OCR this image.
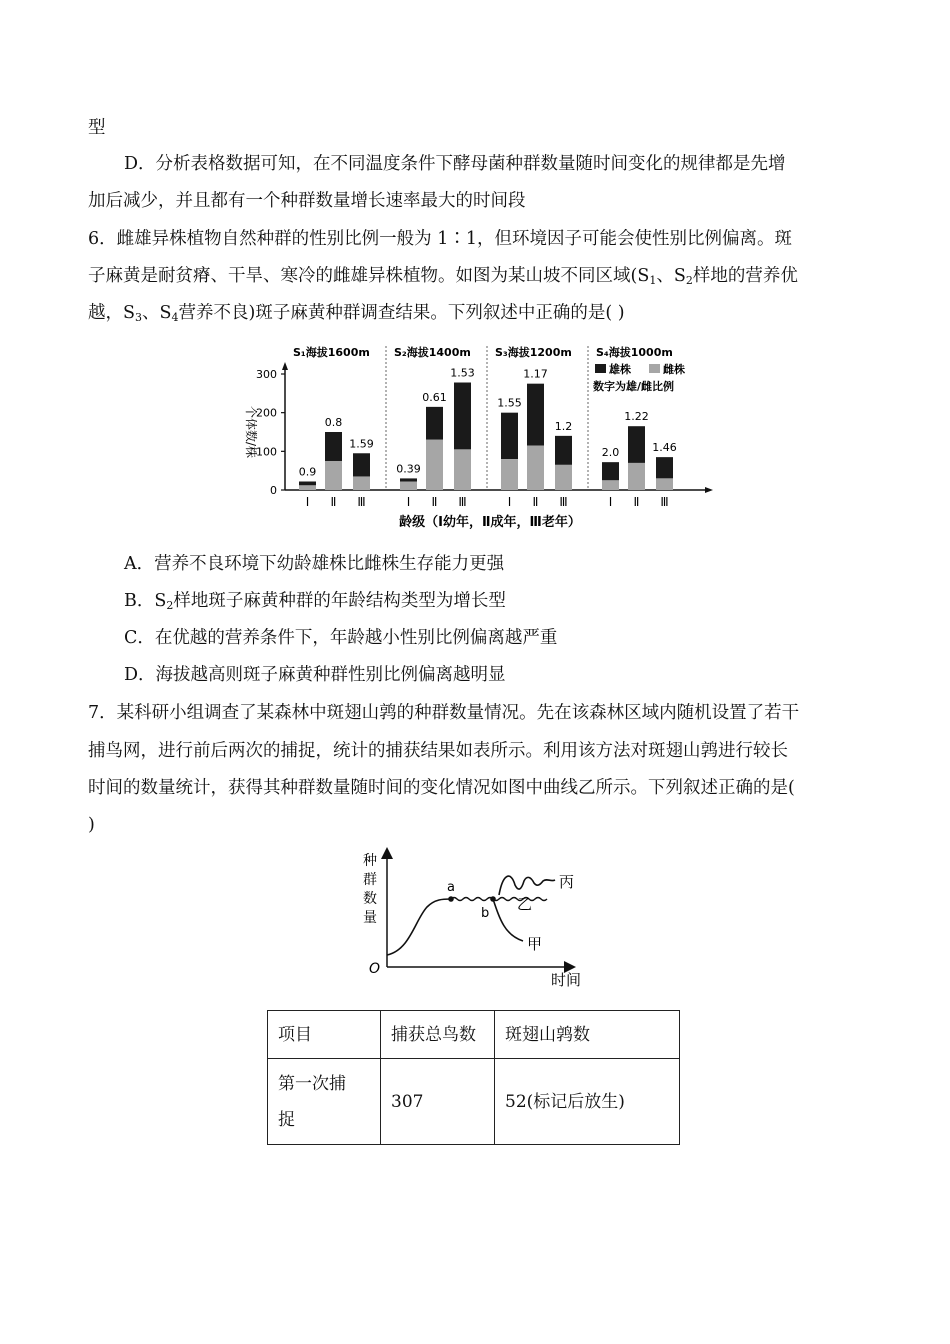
型
D．分析表格数据可知，在不同温度条件下酵母菌种群数量随时间变化的规律都是先增
加后减少，并且都有一个种群数量增长速率最大的时间段
6．雌雄异株植物自然种群的性别比例一般为 1∶1，但环境因子可能会使性别比例偏离。斑
子麻黄是耐贫瘠、干旱、寒冷的雌雄异株植物。如图为某山坡不同区域($S_1$、$S_2$样地的营养优
越，$S_3$、$S_4$营养不良)斑子麻黄种群调查结果。下列叙述中正确的是( )
0
100
200
300
个体数/株
S₁海拔1600m
0.9
Ⅰ
0.8
Ⅱ
1.59
Ⅲ
S₂海拔1400m
0.39
Ⅰ
0.61
Ⅱ
1.53
Ⅲ
S₃海拔1200m
1.55
Ⅰ
1.17
Ⅱ
1.2
Ⅲ
S₄海拔1000m
2.0
Ⅰ
1.22
Ⅱ
1.46
Ⅲ
雄株	雌株
数字为雄/雌比例
龄级（Ⅰ幼年，Ⅱ成年，Ⅲ老年）
A．营养不良环境下幼龄雄株比雌株生存能力更强
B．$S_2$样地斑子麻黄种群的年龄结构类型为增长型
C．在优越的营养条件下，年龄越小性别比例偏离越严重
D．海拔越高则斑子麻黄种群性别比例偏离越明显
7．某科研小组调查了某森林中斑翅山鹑的种群数量情况。先在该森林区域内随机设置了若干
捕鸟网，进行前后两次的捕捉，统计的捕获结果如表所示。利用该方法对斑翅山鹑进行较长
时间的数量统计，获得其种群数量随时间的变化情况如图中曲线乙所示。下列叙述正确的是(
)
种
群
数
量
O
时间
a
b
甲
乙
丙
项目	捕获总鸟数	斑翅山鹑数

第一次捕
捉	307	52(标记后放生)
